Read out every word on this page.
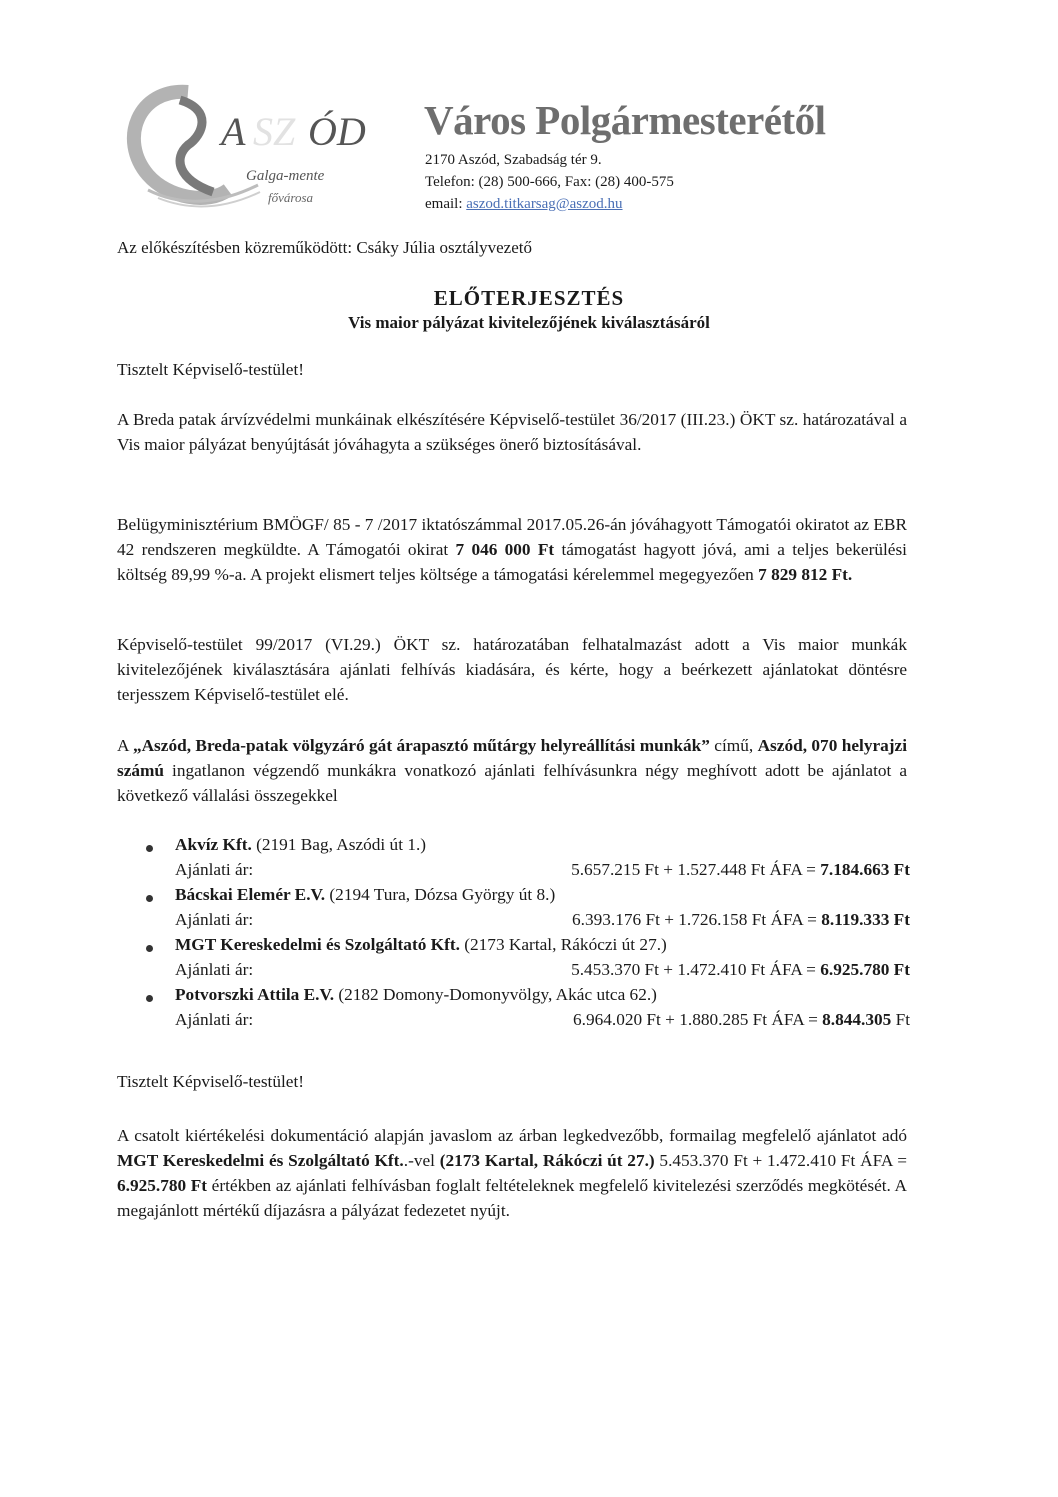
A SZ ÓD
Galga-mente
fővárosa
Város Polgármesterétől
2170 Aszód, Szabadság tér 9.
Telefon: (28) 500-666, Fax: (28) 400-575
email: aszod.titkarsag@aszod.hu
Az előkészítésben közreműködött: Csáky Júlia osztályvezető
ELŐTERJESZTÉS
Vis maior pályázat kivitelezőjének kiválasztásáról
Tisztelt Képviselő-testület!
A Breda patak árvízvédelmi munkáinak elkészítésére Képviselő-testület 36/2017 (III.23.) ÖKT sz. határozatával a Vis maior pályázat benyújtását jóváhagyta a szükséges önerő biztosításával.
Belügyminisztérium BMÖGF/ 85 - 7 /2017 iktatószámmal 2017.05.26-án jóváhagyott Támogatói okiratot az EBR 42 rendszeren megküldte. A Támogatói okirat 7 046 000 Ft támogatást hagyott jóvá, ami a teljes bekerülési költség 89,99 %-a. A projekt elismert teljes költsége a támogatási kérelemmel megegyezően 7 829 812 Ft.
Képviselő-testület 99/2017 (VI.29.) ÖKT sz. határozatában felhatalmazást adott a Vis maior munkák kivitelezőjének kiválasztására ajánlati felhívás kiadására, és kérte, hogy a beérkezett ajánlatokat döntésre terjesszem Képviselő-testület elé.
A „Aszód, Breda-patak völgyzáró gát árapasztó műtárgy helyreállítási munkák” című, Aszód, 070 helyrajzi számú ingatlanon végzendő munkákra vonatkozó ajánlati felhívásunkra négy meghívott adott be ajánlatot a következő vállalási összegekkel
Akvíz Kft. (2191 Bag, Aszódi út 1.)
Ajánlati ár:	5.657.215 Ft + 1.527.448 Ft ÁFA = 7.184.663 Ft
Bácskai Elemér E.V. (2194 Tura, Dózsa György út 8.)
Ajánlati ár:	6.393.176 Ft + 1.726.158 Ft ÁFA = 8.119.333 Ft
MGT Kereskedelmi és Szolgáltató Kft. (2173 Kartal, Rákóczi út 27.)
Ajánlati ár:	5.453.370 Ft + 1.472.410 Ft ÁFA = 6.925.780 Ft
Potvorszki Attila E.V. (2182 Domony-Domonyvölgy, Akác utca 62.)
Ajánlati ár:	6.964.020 Ft + 1.880.285 Ft ÁFA = 8.844.305 Ft
Tisztelt Képviselő-testület!
A csatolt kiértékelési dokumentáció alapján javaslom az árban legkedvezőbb, formailag megfelelő ajánlatot adó MGT Kereskedelmi és Szolgáltató Kft..-vel (2173 Kartal, Rákóczi út 27.) 5.453.370 Ft + 1.472.410 Ft ÁFA = 6.925.780 Ft értékben az ajánlati felhívásban foglalt feltételeknek megfelelő kivitelezési szerződés megkötését. A megajánlott mértékű díjazásra a pályázat fedezetet nyújt.
